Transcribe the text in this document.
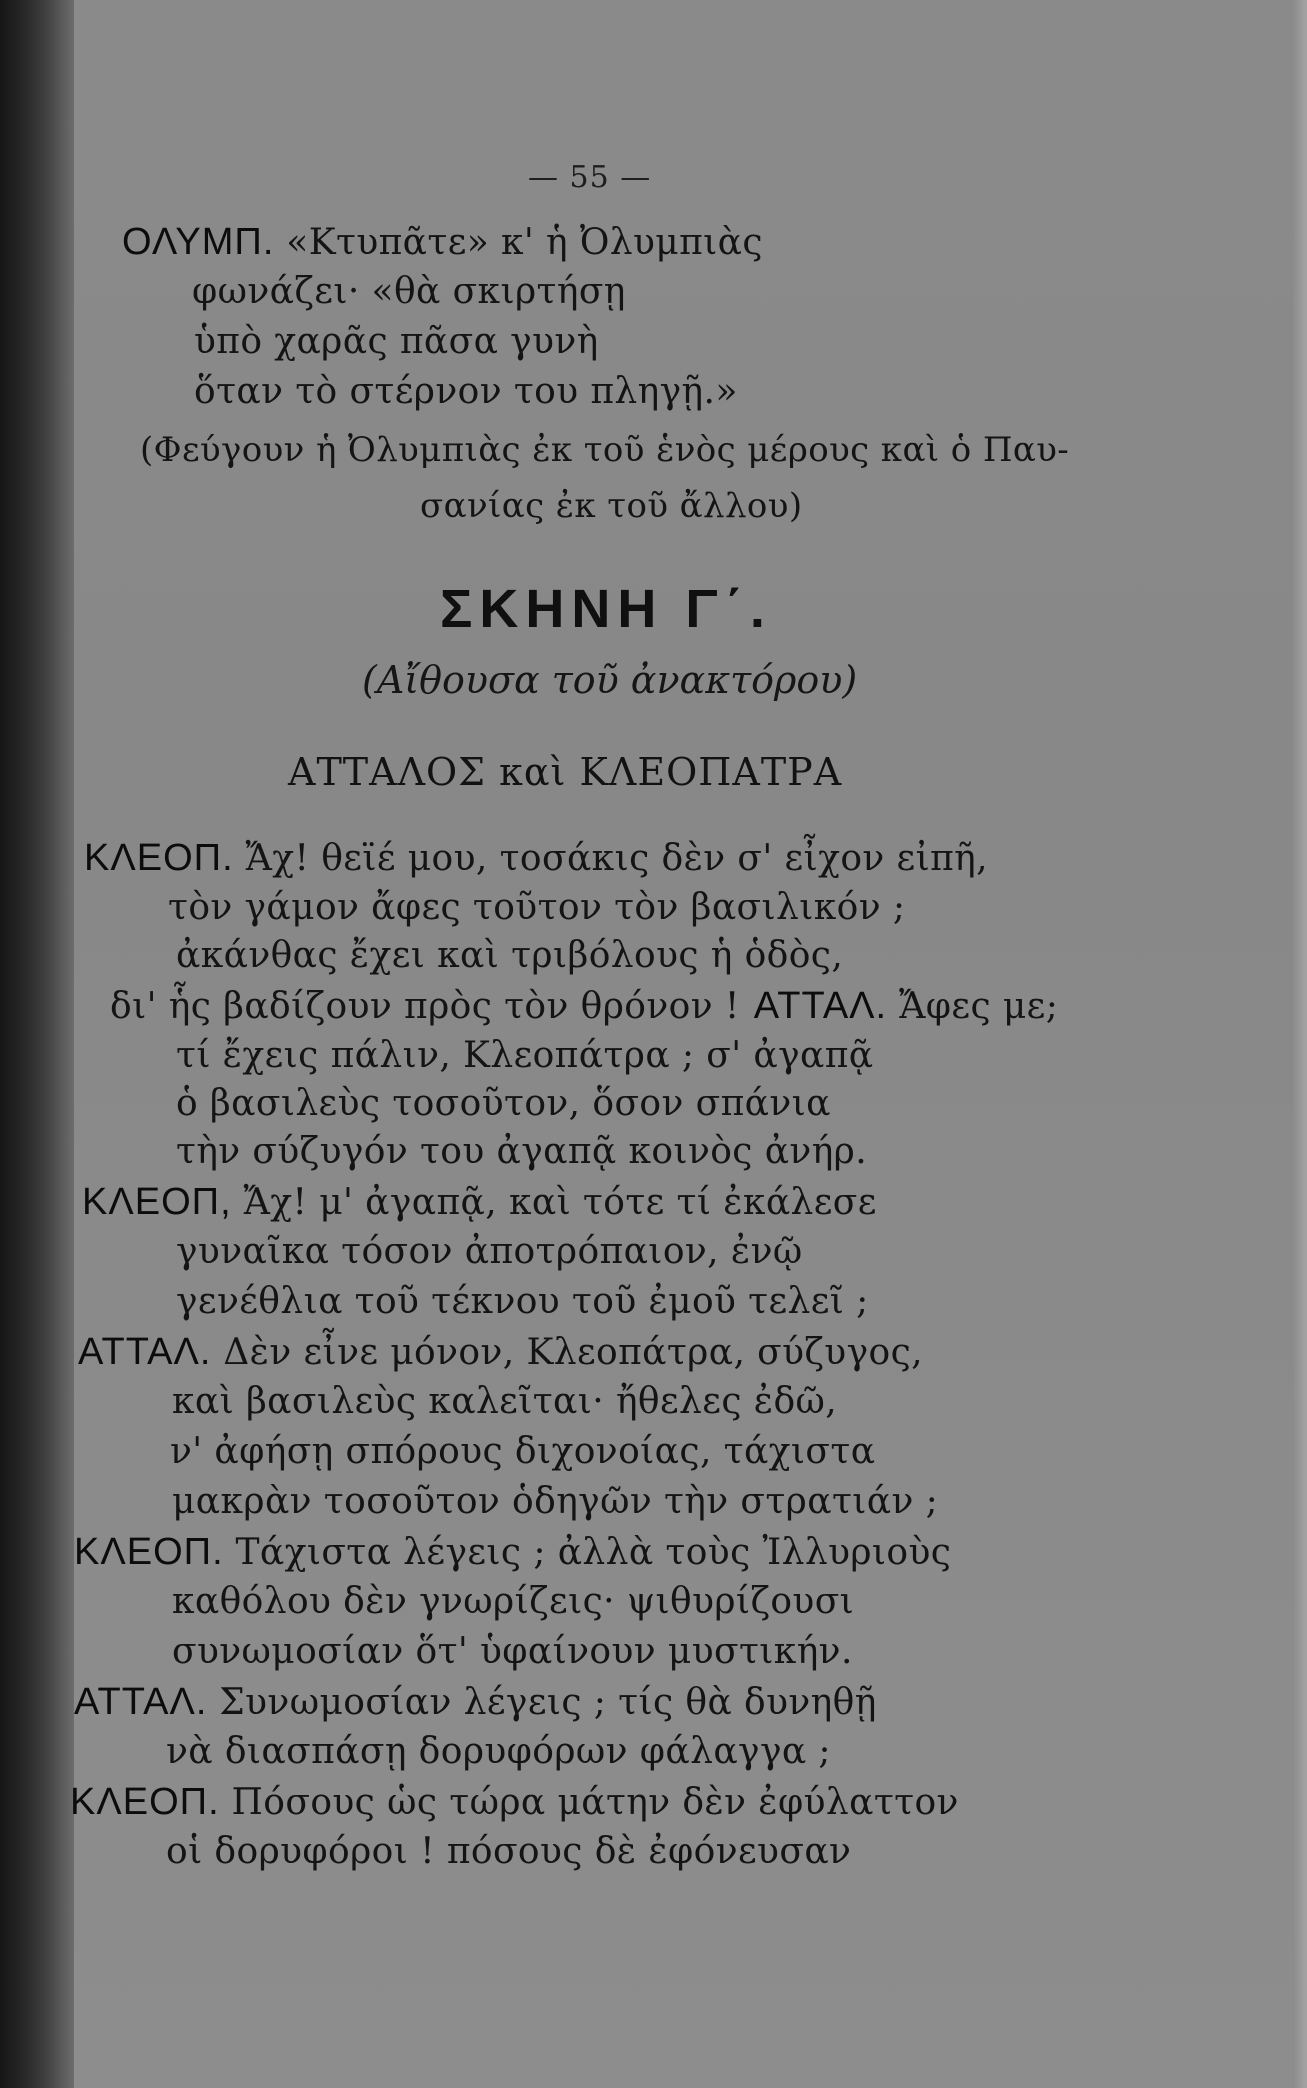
— 55 —
ΟΛΥΜΠ. «Κτυπᾶτε» κ' ἡ Ὀλυμπιὰς
φωνάζει· «θὰ σκιρτήσῃ
ὑπὸ χαρᾶς πᾶσα γυνὴ
ὅταν τὸ στέρνον του πληγῇ.»
(Φεύγουν ἡ Ὀλυμπιὰς ἐκ τοῦ ἑνὸς μέρους καὶ ὁ Παυ-
σανίας ἐκ τοῦ ἄλλου)
ΣΚΗΝΗ Γ΄.
(Αἴθουσα τοῦ ἀνακτόρου)
ΑΤΤΑΛΟΣ καὶ ΚΛΕΟΠΑΤΡΑ
ΚΛΕΟΠ. Ἄχ! θεϊέ μου, τοσάκις δὲν σ' εἶχον εἰπῆ,
τὸν γάμον ἄφες τοῦτον τὸν βασιλικόν ;
ἀκάνθας ἔχει καὶ τριβόλους ἡ ὁδὸς,
δι' ἧς βαδίζουν πρὸς τὸν θρόνον ! ΑΤΤΑΛ. Ἄφες με;
τί ἔχεις πάλιν, Κλεοπάτρα ; σ' ἀγαπᾷ
ὁ βασιλεὺς τοσοῦτον, ὅσον σπάνια
τὴν σύζυγόν του ἀγαπᾷ κοινὸς ἀνήρ.
ΚΛΕΟΠ, Ἄχ! μ' ἀγαπᾷ, καὶ τότε τί ἐκάλεσε
γυναῖκα τόσον ἀποτρόπαιον, ἐνῷ
γενέθλια τοῦ τέκνου τοῦ ἐμοῦ τελεῖ ;
ΑΤΤΑΛ. Δὲν εἶνε μόνον, Κλεοπάτρα, σύζυγος,
καὶ βασιλεὺς καλεῖται· ἤθελες ἐδῶ,
ν' ἀφήσῃ σπόρους διχονοίας, τάχιστα
μακρὰν τοσοῦτον ὁδηγῶν τὴν στρατιάν ;
ΚΛΕΟΠ. Τάχιστα λέγεις ; ἀλλὰ τοὺς Ἰλλυριοὺς
καθόλου δὲν γνωρίζεις· ψιθυρίζουσι
συνωμοσίαν ὅτ' ὑφαίνουν μυστικήν.
ΑΤΤΑΛ. Συνωμοσίαν λέγεις ; τίς θὰ δυνηθῇ
νὰ διασπάσῃ δορυφόρων φάλαγγα ;
ΚΛΕΟΠ. Πόσους ὡς τώρα μάτην δὲν ἐφύλαττον
οἱ δορυφόροι ! πόσους δὲ ἐφόνευσαν
